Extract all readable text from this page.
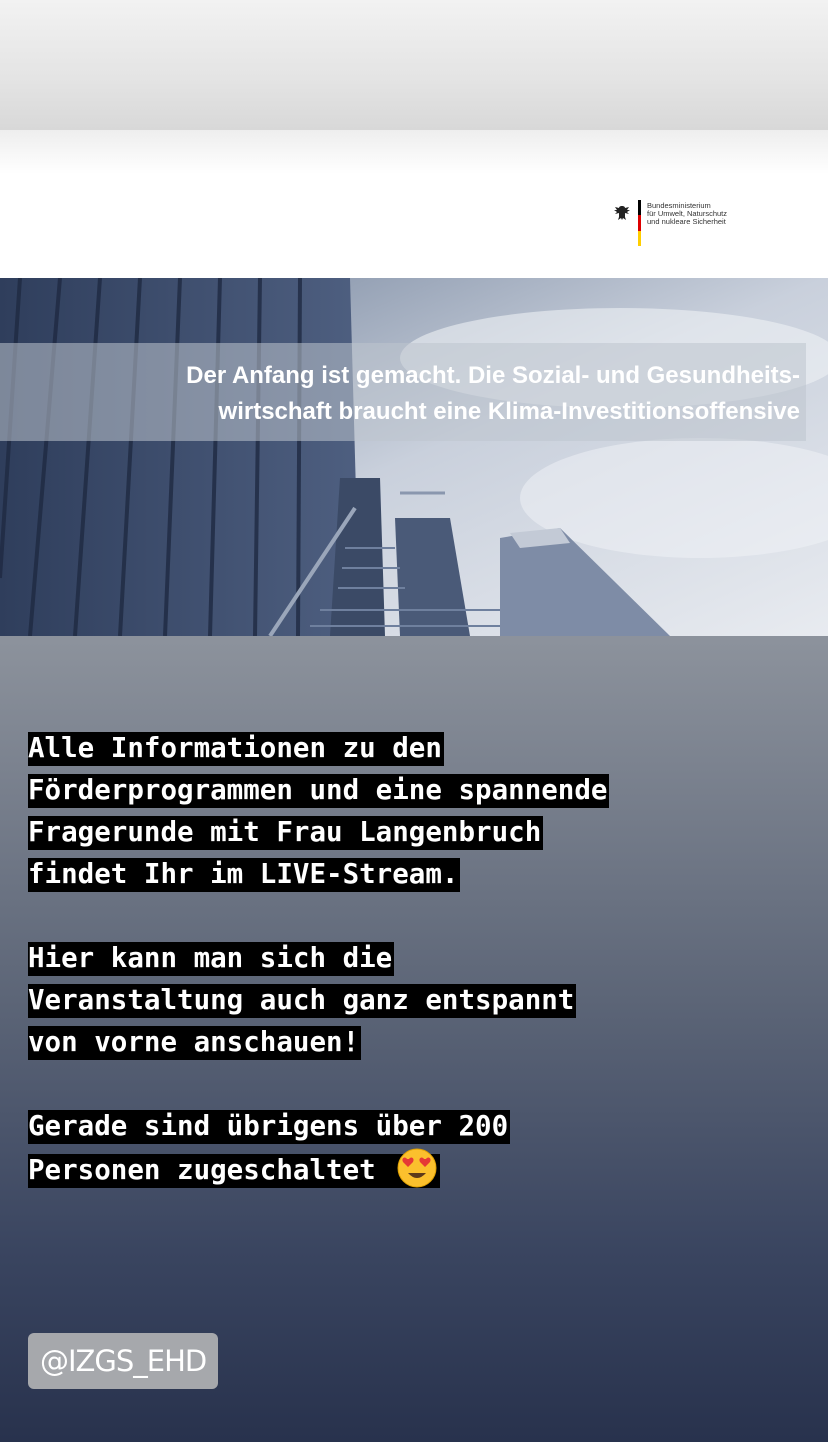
Bundesministerium
für Umwelt, Naturschutz
und nukleare Sicherheit
Der Anfang ist gemacht. Die Sozial- und Gesundheits-
wirtschaft braucht eine Klima-Investitionsoffensive
Alle Informationen zu den
Förderprogrammen und eine spannende
Fragerunde mit Frau Langenbruch
findet Ihr im LIVE-Stream.
Hier kann man sich die
Veranstaltung auch ganz entspannt
von vorne anschauen!
Gerade sind übrigens über 200
Personen zugeschaltet
@IZGS_EHD
